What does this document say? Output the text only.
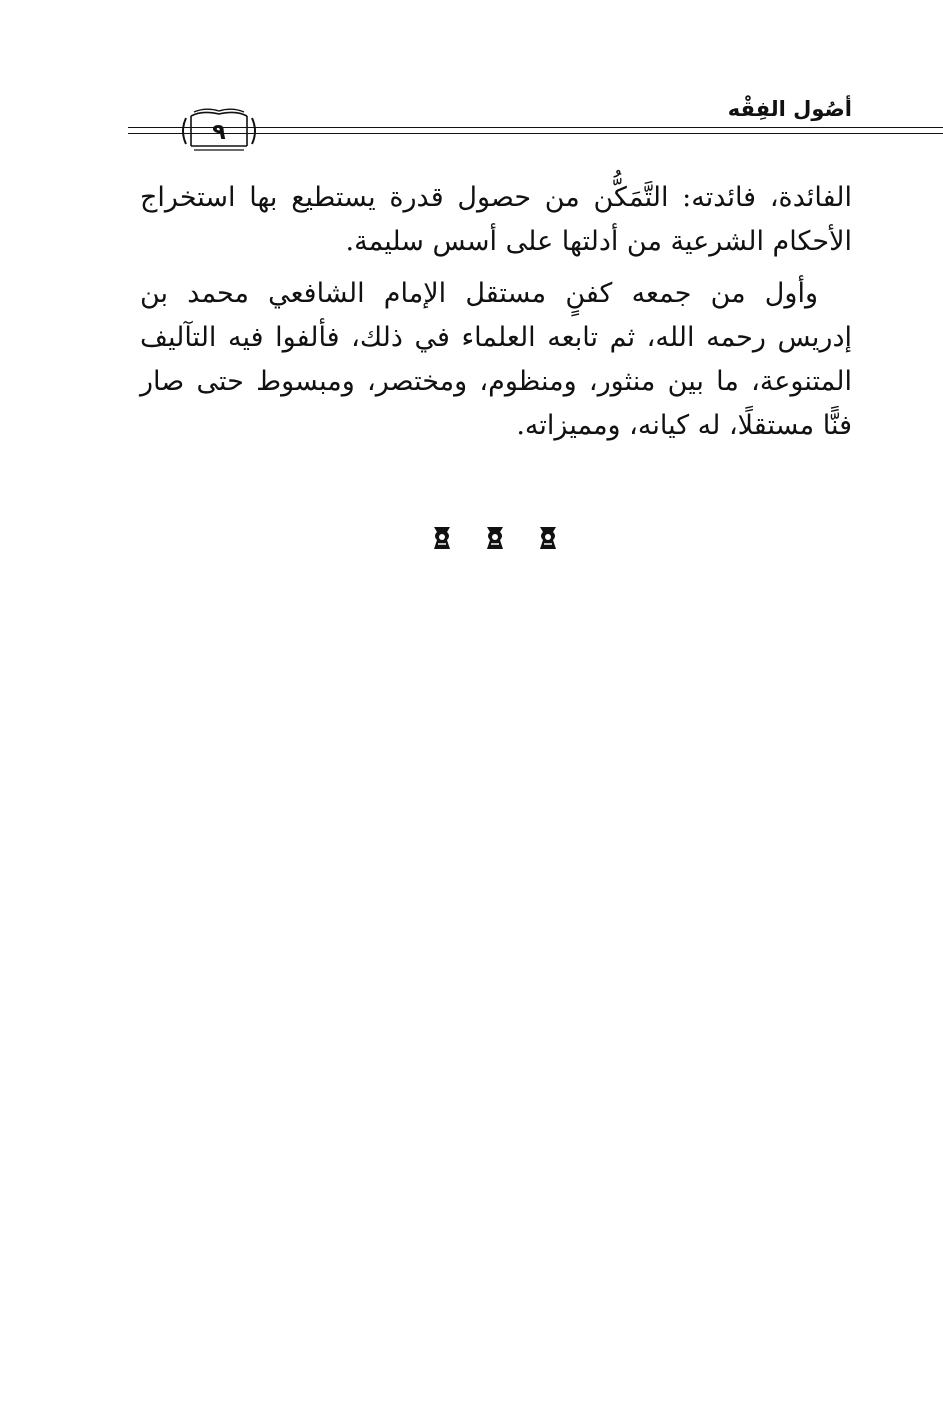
أصُول الفِقْه
٩

الفائدة، فائدته: التَّمَكُّن من حصول قدرة يستطيع بها استخراج
الأحكام الشرعية من أدلتها على أسس سليمة.

وأول من جمعه كفنٍ مستقل الإمام الشافعي محمد بن
إدريس رحمه الله، ثم تابعه العلماء في ذلك، فألفوا فيه التآليف
المتنوعة، ما بين منثور، ومنظوم، ومختصر، ومبسوط حتى صار
فنًّا مستقلًا، له كيانه، ومميزاته.
